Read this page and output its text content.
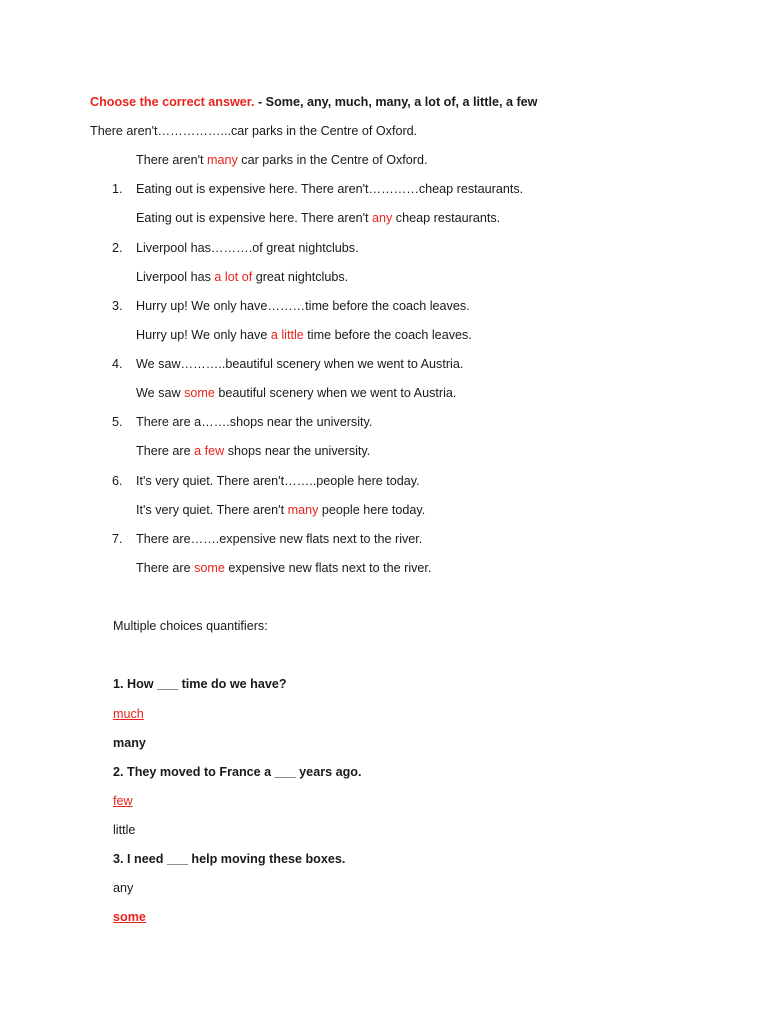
Choose the correct answer. - Some, any, much, many, a lot of, a little, a few
There aren't……………...car parks in the Centre of Oxford.
There aren't many car parks in the Centre of Oxford.
1. Eating out is expensive here. There aren't…………cheap restaurants.
Eating out is expensive here. There aren't any cheap restaurants.
2. Liverpool has……….of great nightclubs.
Liverpool has a lot of great nightclubs.
3. Hurry up! We only have………time before the coach leaves.
Hurry up! We only have a little time before the coach leaves.
4. We saw………..beautiful scenery when we went to Austria.
We saw some beautiful scenery when we went to Austria.
5. There are a…….shops near the university.
There are a few shops near the university.
6. It's very quiet. There aren't……..people here today.
It's very quiet. There aren't many people here today.
7. There are…….expensive new flats next to the river.
There are some expensive new flats next to the river.
Multiple choices quantifiers:
1. How ___ time do we have?
much
many
2. They moved to France a ___ years ago.
few
little
3. I need ___ help moving these boxes.
any
some
